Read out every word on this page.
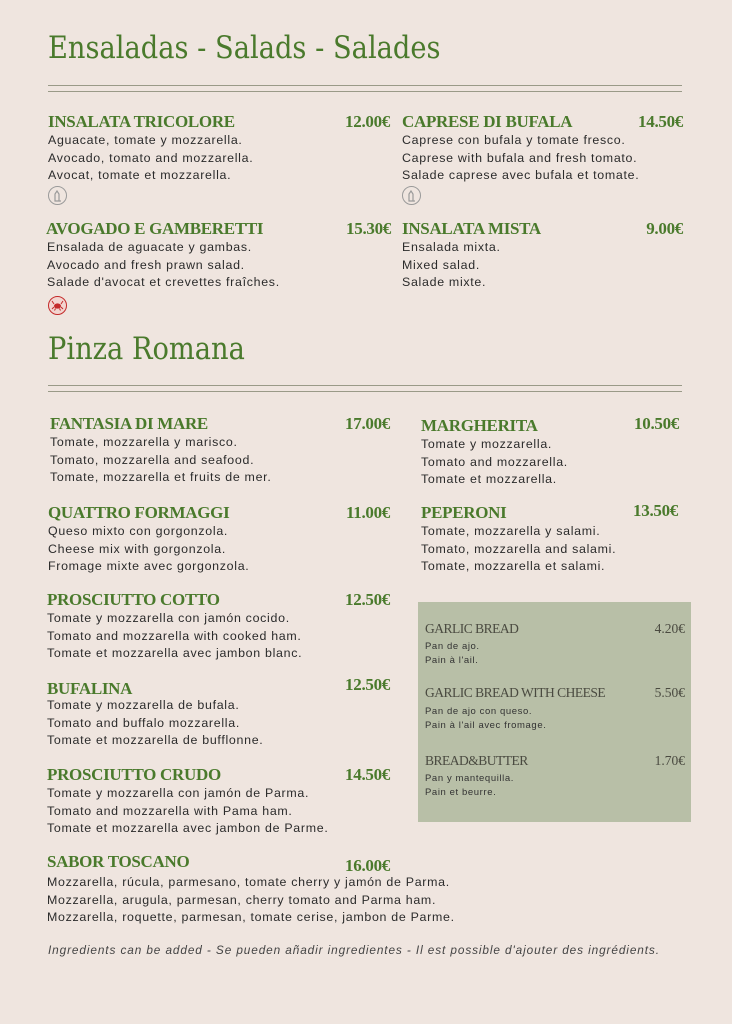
Ensaladas - Salads - Salades
INSALATA TRICOLORE	12.00€
Aguacate, tomate y mozzarella.
Avocado, tomato and mozzarella.
Avocat, tomate et mozzarella.
CAPRESE DI BUFALA	14.50€
Caprese con bufala y tomate fresco.
Caprese with bufala and fresh tomato.
Salade caprese avec bufala et tomate.
AVOGADO E GAMBERETTI	15.30€
Ensalada de aguacate y gambas.
Avocado and fresh prawn salad.
Salade d'avocat et crevettes fraîches.
INSALATA MISTA	9.00€
Ensalada mixta.
Mixed salad.
Salade mixte.
Pinza Romana
FANTASIA DI MARE	17.00€
Tomate, mozzarella y marisco.
Tomato, mozzarella and seafood.
Tomate, mozzarella et fruits de mer.
MARGHERITA	10.50€
Tomate y mozzarella.
Tomato and mozzarella.
Tomate et mozzarella.
QUATTRO FORMAGGI	11.00€
Queso mixto con gorgonzola.
Cheese mix with gorgonzola.
Fromage mixte avec gorgonzola.
PEPERONI	13.50€
Tomate, mozzarella y salami.
Tomato, mozzarella and salami.
Tomate, mozzarella et salami.
PROSCIUTTO COTTO	12.50€
Tomate y mozzarella con jamón cocido.
Tomato and mozzarella with cooked ham.
Tomate et mozzarella avec jambon blanc.
BUFALINA	12.50€
Tomate y mozzarella de bufala.
Tomato and buffalo mozzarella.
Tomate et mozzarella de bufflonne.
PROSCIUTTO CRUDO	14.50€
Tomate y mozzarella con jamón de Parma.
Tomato and mozzarella with Pama ham.
Tomate et mozzarella avec jambon de Parme.
SABOR TOSCANO	16.00€
Mozzarella, rúcula, parmesano, tomate cherry y jamón de Parma.
Mozzarella, arugula, parmesan, cherry tomato and Parma ham.
Mozzarella, roquette, parmesan, tomate cerise, jambon de Parme.
GARLIC BREAD	4.20€
Pan de ajo.
Pain à l'ail.
GARLIC BREAD WITH CHEESE	5.50€
Pan de ajo con queso.
Pain à l'ail avec fromage.
BREAD&BUTTER	1.70€
Pan y mantequilla.
Pain et beurre.
Ingredients can be added - Se pueden añadir ingredientes - Il est possible d'ajouter des ingrédients.
